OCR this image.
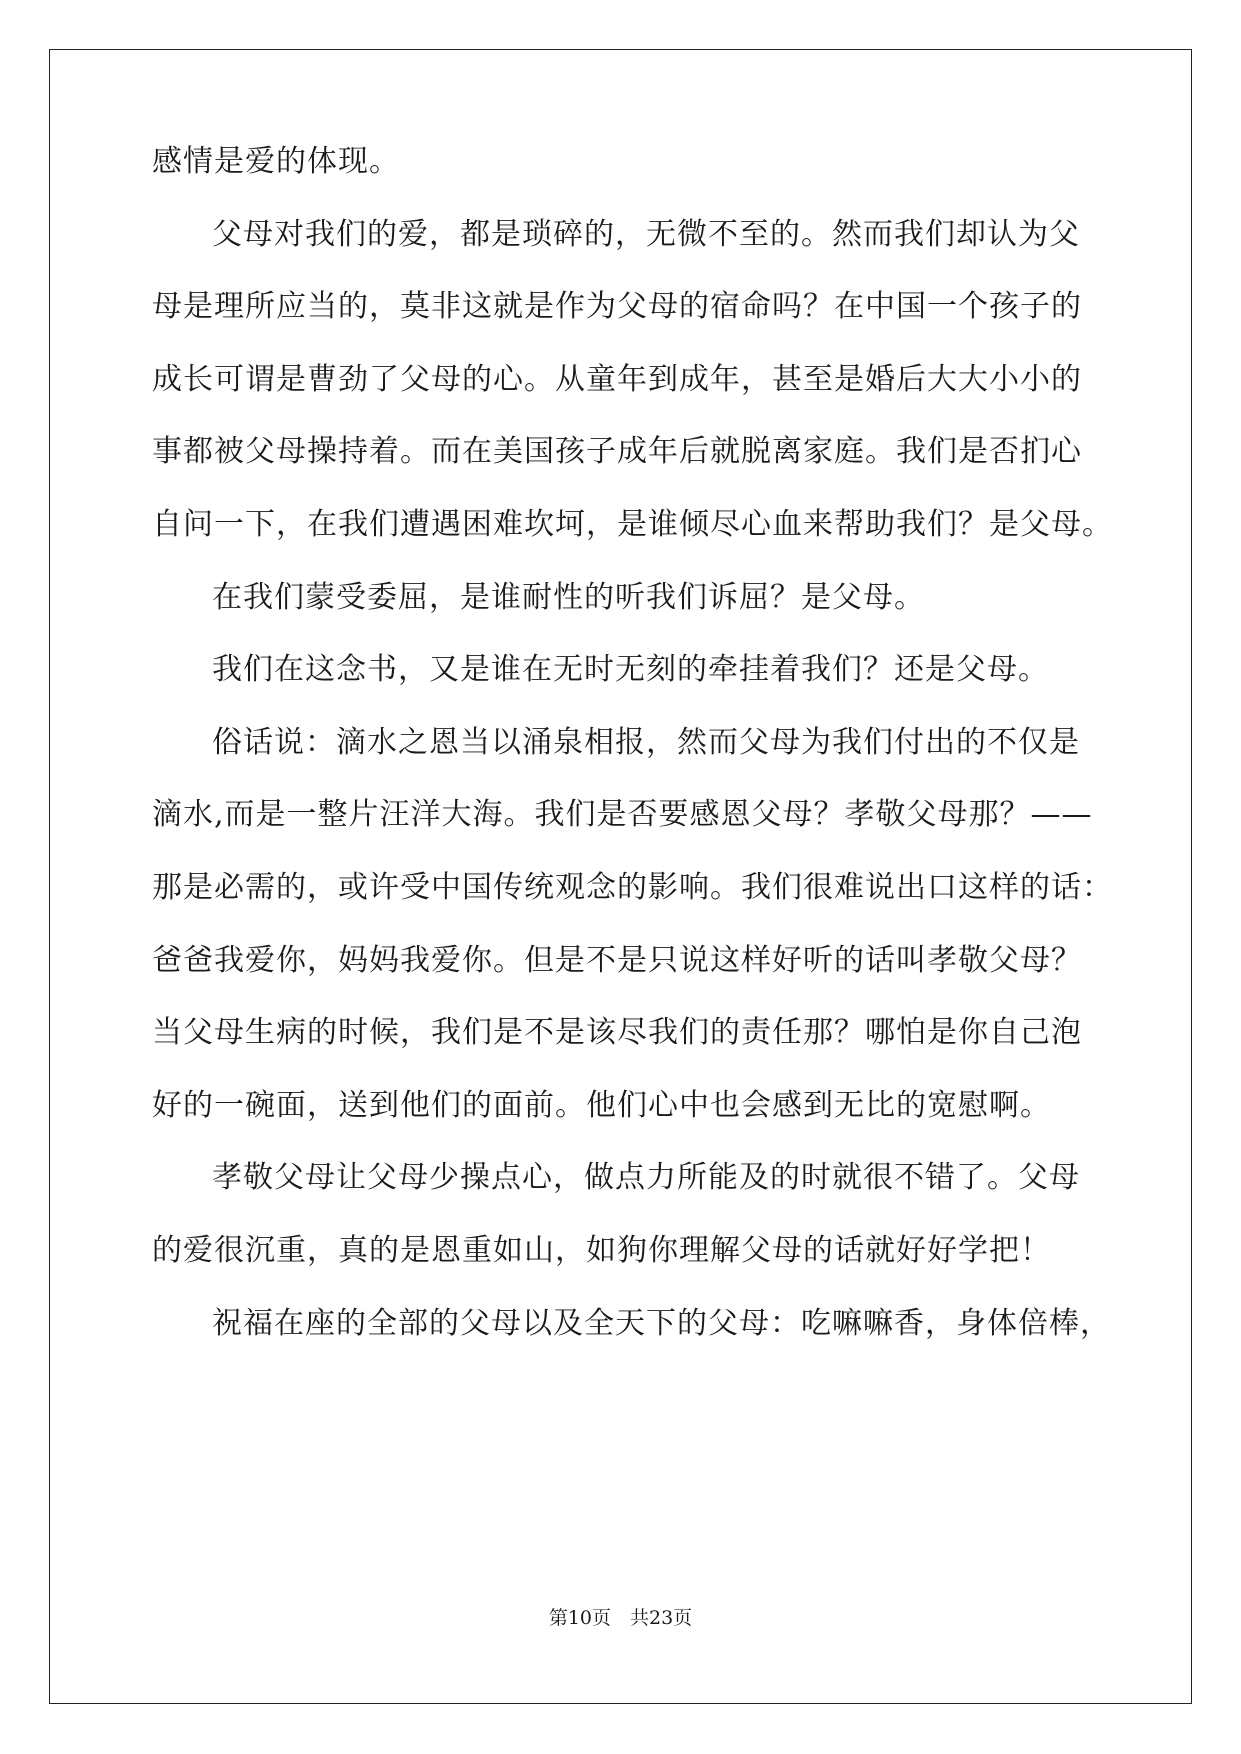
感情是爱的体现。
父母对我们的爱，都是琐碎的，无微不至的。然而我们却认为父
母是理所应当的，莫非这就是作为父母的宿命吗？在中国一个孩子的
成长可谓是曹劲了父母的心。从童年到成年，甚至是婚后大大小小的
事都被父母操持着。而在美国孩子成年后就脱离家庭。我们是否扪心
自问一下，在我们遭遇困难坎坷，是谁倾尽心血来帮助我们？是父母。
在我们蒙受委屈，是谁耐性的听我们诉屈？是父母。
我们在这念书，又是谁在无时无刻的牵挂着我们？还是父母。
俗话说：滴水之恩当以涌泉相报，然而父母为我们付出的不仅是
滴水,而是一整片汪洋大海。我们是否要感恩父母？孝敬父母那？——
那是必需的，或许受中国传统观念的影响。我们很难说出口这样的话：
爸爸我爱你，妈妈我爱你。但是不是只说这样好听的话叫孝敬父母？
当父母生病的时候，我们是不是该尽我们的责任那？哪怕是你自己泡
好的一碗面，送到他们的面前。他们心中也会感到无比的宽慰啊。
孝敬父母让父母少操点心，做点力所能及的时就很不错了。父母
的爱很沉重，真的是恩重如山，如狗你理解父母的话就好好学把！
祝福在座的全部的父母以及全天下的父母：吃嘛嘛香，身体倍棒，
第10页　共23页
